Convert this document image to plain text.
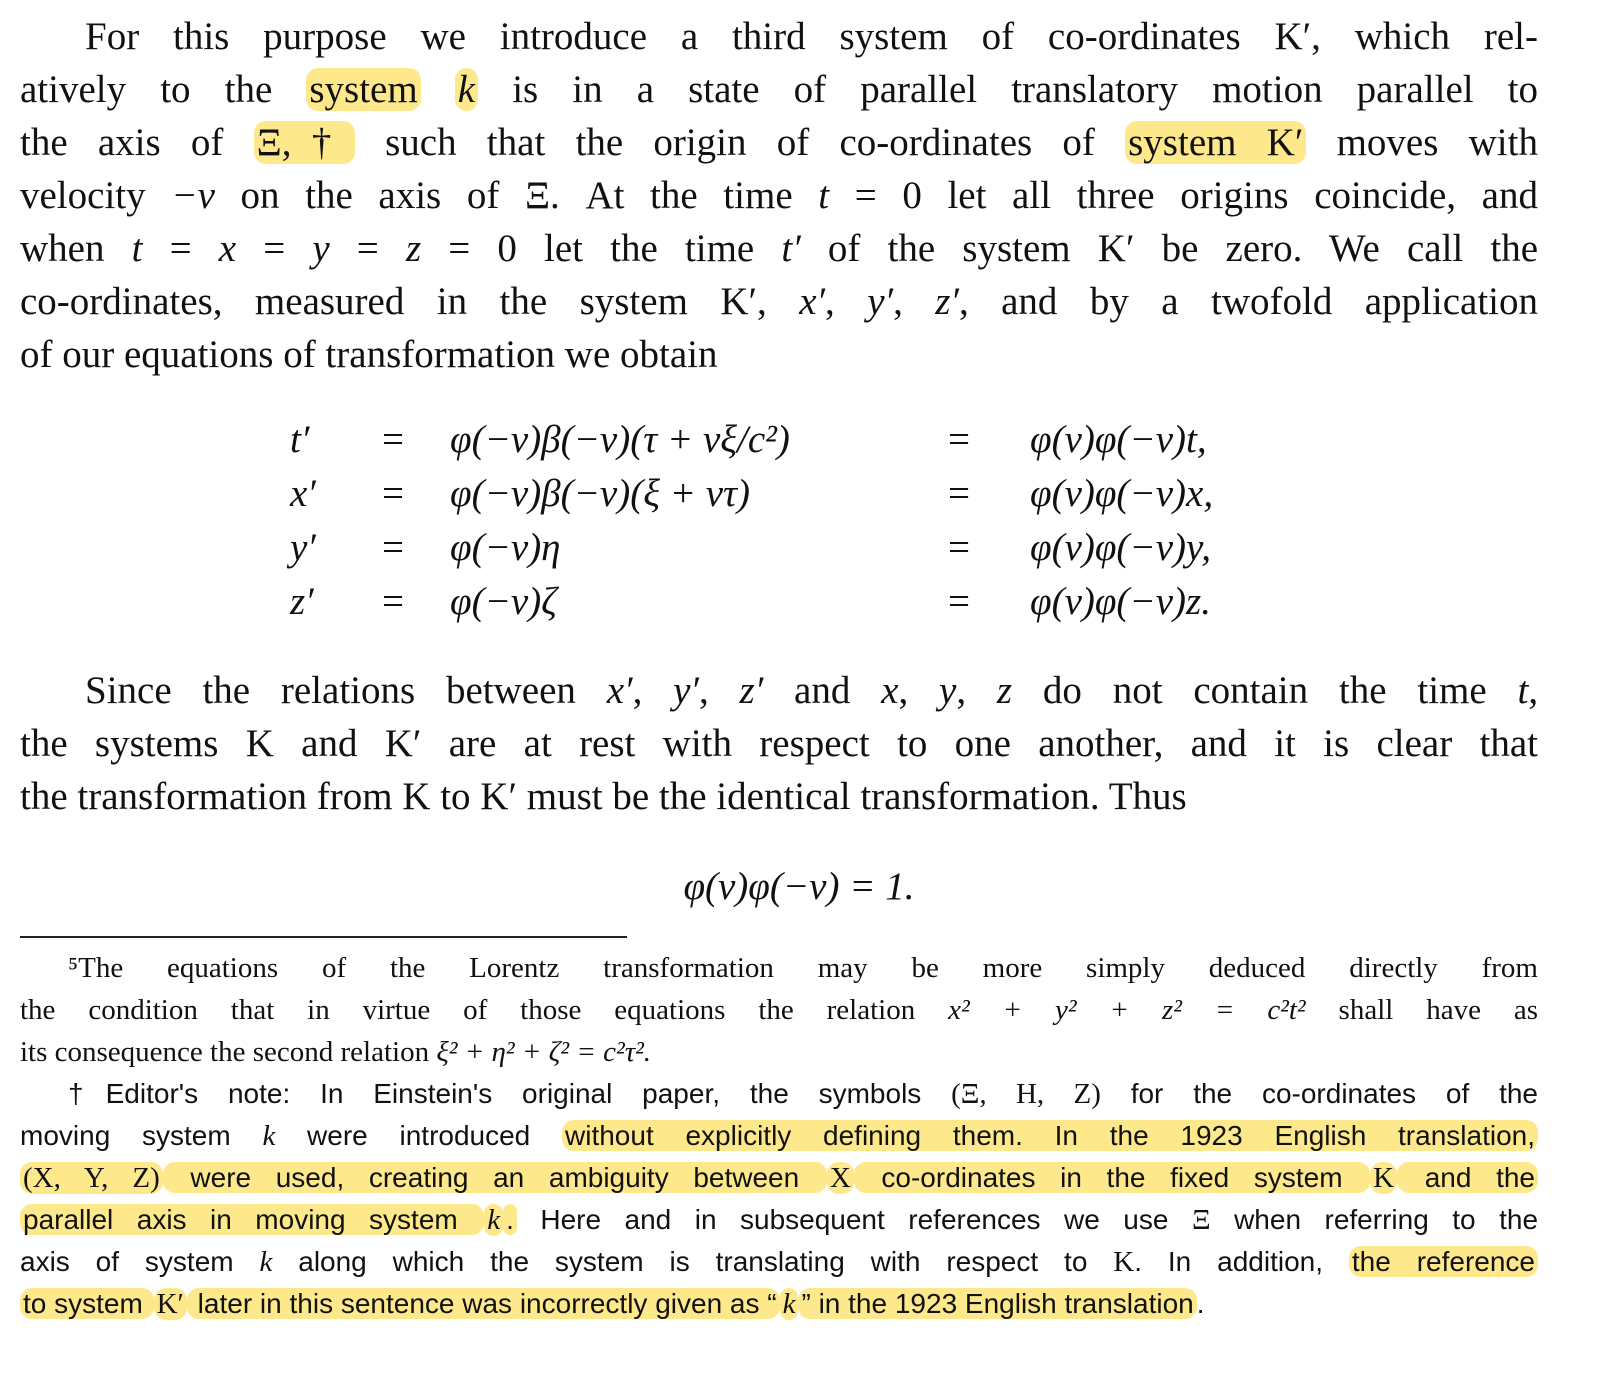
For this purpose we introduce a third system of co-ordinates K′, which rel-
atively to the system k is in a state of parallel translatory motion parallel to
the axis of Ξ,† such that the origin of co-ordinates of system K′ moves with
velocity −v on the axis of Ξ. At the time t = 0 let all three origins coincide, and
when t = x = y = z = 0 let the time t′ of the system K′ be zero. We call the
co-ordinates, measured in the system K′, x′, y′, z′, and by a twofold application
of our equations of transformation we obtain
t′ = φ(−v)β(−v)(τ + vξ/c²)	= φ(v)φ(−v)t,
x′ = φ(−v)β(−v)(ξ + vτ)	= φ(v)φ(−v)x,
y′ = φ(−v)η	= φ(v)φ(−v)y,
z′ = φ(−v)ζ	= φ(v)φ(−v)z.
Since the relations between x′, y′, z′ and x, y, z do not contain the time t,
the systems K and K′ are at rest with respect to one another, and it is clear that
the transformation from K to K′ must be the identical transformation. Thus
φ(v)φ(−v) = 1.
⁵The equations of the Lorentz transformation may be more simply deduced directly from
the condition that in virtue of those equations the relation x² + y² + z² = c²t² shall have as
its consequence the second relation ξ² + η² + ζ² = c²τ².
†Editor's note: In Einstein's original paper, the symbols (Ξ, H, Z) for the co-ordinates of the
moving system k were introduced without explicitly defining them. In the 1923 English translation,
(X, Y, Z) were used, creating an ambiguity between X co-ordinates in the fixed system K and the
parallel axis in moving system k . Here and in subsequent references we use Ξ when referring to the
axis of system k along which the system is translating with respect to K. In addition, the reference
to system K′ later in this sentence was incorrectly given as “ k ” in the 1923 English translation .
